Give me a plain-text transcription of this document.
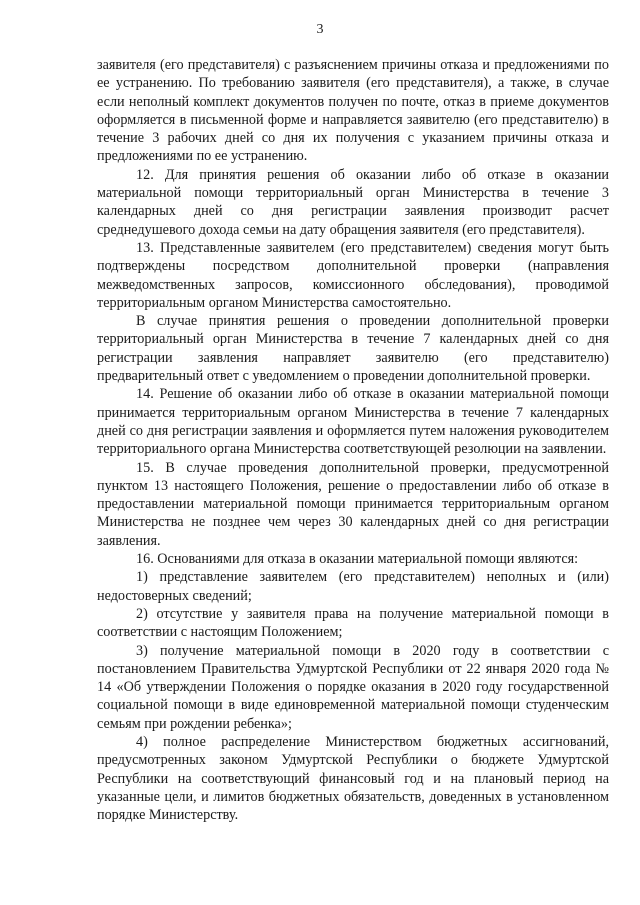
3

заявителя (его представителя) с разъяснением причины отказа и предложениями по ее устранению. По требованию заявителя (его представителя), а также, в случае если неполный комплект документов получен по почте, отказ в приеме документов оформляется в письменной форме и направляется заявителю (его представителю) в течение 3 рабочих дней со дня их получения с указанием причины отказа и предложениями по ее устранению.

12. Для принятия решения об оказании либо об отказе в оказании материальной помощи территориальный орган Министерства в течение 3 календарных дней со дня регистрации заявления производит расчет среднедушевого дохода семьи на дату обращения заявителя (его представителя).

13. Представленные заявителем (его представителем) сведения могут быть подтверждены посредством дополнительной проверки (направления межведомственных запросов, комиссионного обследования), проводимой территориальным органом Министерства самостоятельно.

В случае принятия решения о проведении дополнительной проверки территориальный орган Министерства в течение 7 календарных дней со дня регистрации заявления направляет заявителю (его представителю) предварительный ответ с уведомлением о проведении дополнительной проверки.

14. Решение об оказании либо об отказе в оказании материальной помощи принимается территориальным органом Министерства в течение 7 календарных дней со дня регистрации заявления и оформляется путем наложения руководителем территориального органа Министерства соответствующей резолюции на заявлении.

15. В случае проведения дополнительной проверки, предусмотренной пунктом 13 настоящего Положения, решение о предоставлении либо об отказе в предоставлении материальной помощи принимается территориальным органом Министерства не позднее чем через 30 календарных дней со дня регистрации заявления.

16. Основаниями для отказа в оказании материальной помощи являются:

1) представление заявителем (его представителем) неполных и (или) недостоверных сведений;

2) отсутствие у заявителя права на получение материальной помощи в соответствии с настоящим Положением;

3) получение материальной помощи в 2020 году в соответствии с постановлением Правительства Удмуртской Республики от 22 января 2020 года № 14 «Об утверждении Положения о порядке оказания в 2020 году государственной социальной помощи в виде единовременной материальной помощи студенческим семьям при рождении ребенка»;

4) полное распределение Министерством бюджетных ассигнований, предусмотренных законом Удмуртской Республики о бюджете Удмуртской Республики на соответствующий финансовый год и на плановый период на указанные цели, и лимитов бюджетных обязательств, доведенных в установленном порядке Министерству.
